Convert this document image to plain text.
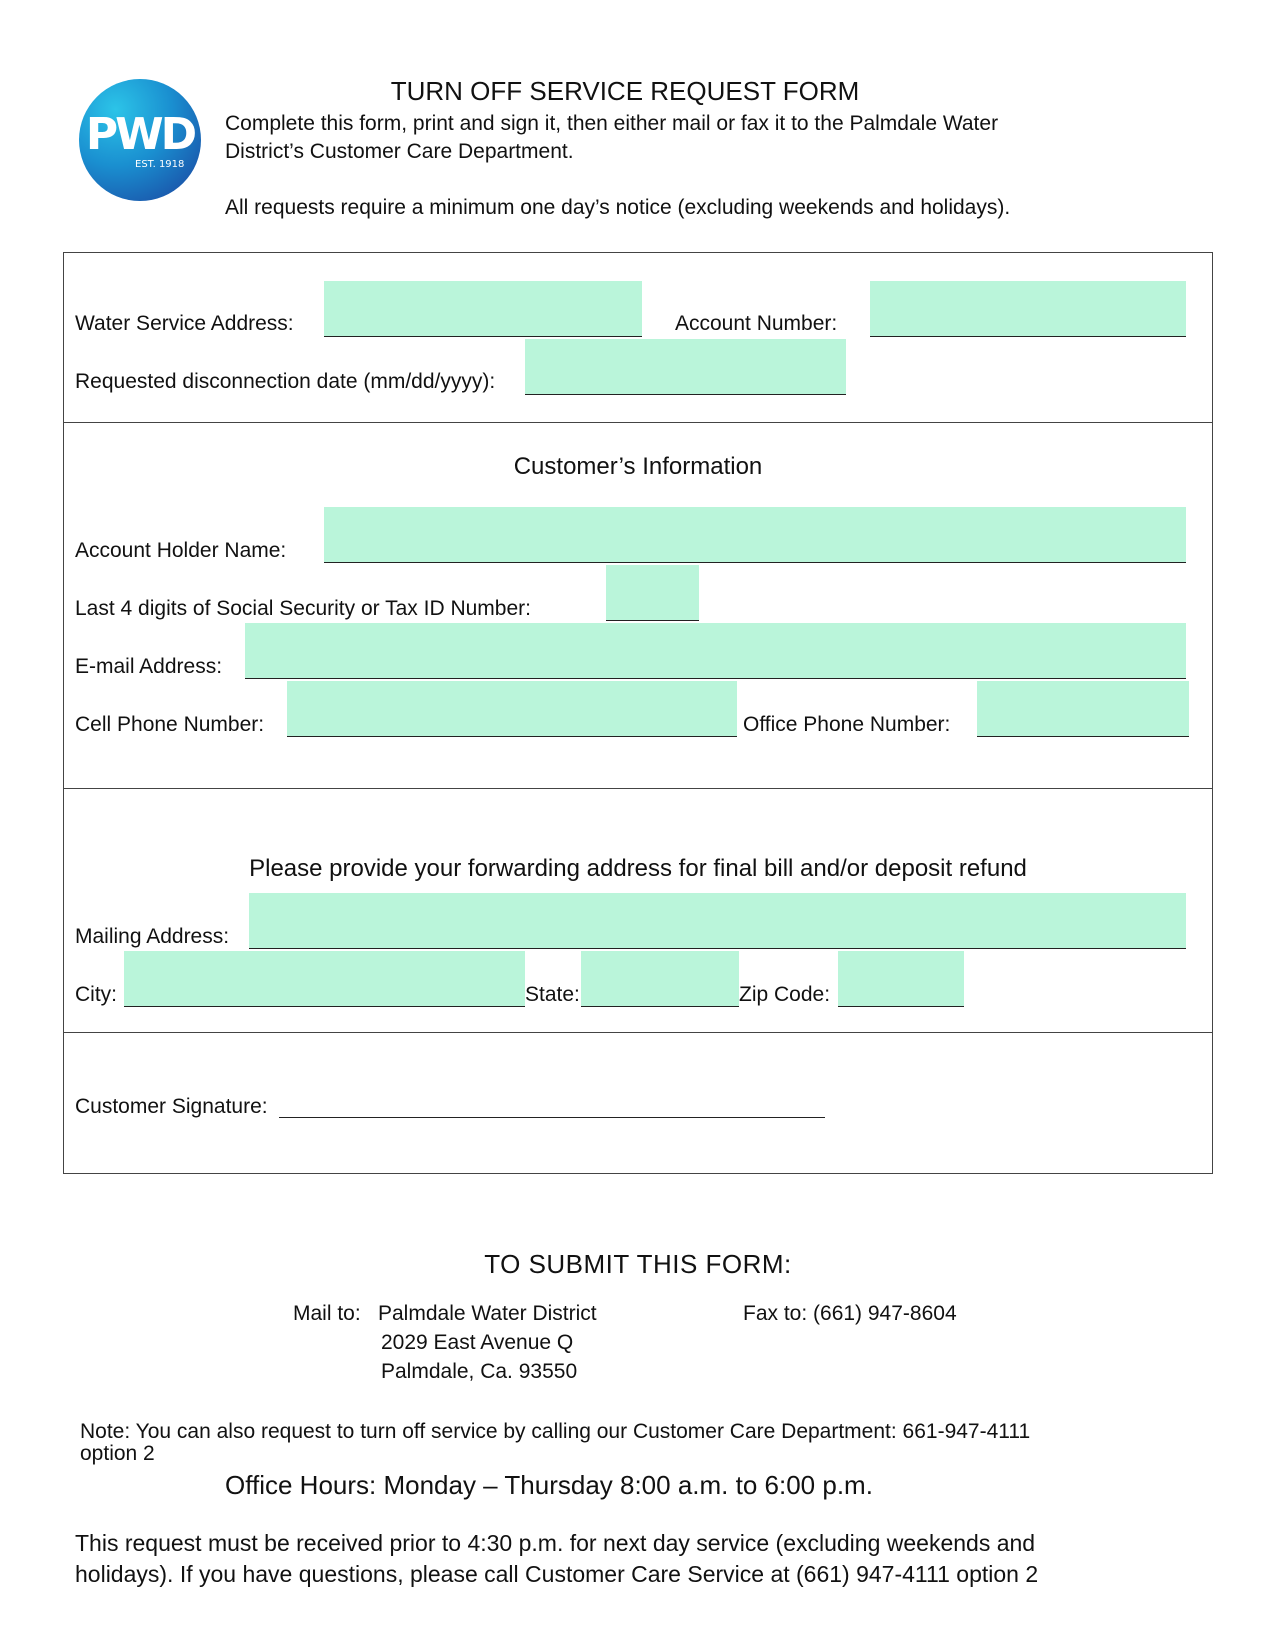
PWD
EST. 1918
TURN OFF SERVICE REQUEST FORM
Complete this form, print and sign it, then either mail or fax it to the Palmdale Water
District’s Customer Care Department.
All requests require a minimum one day’s notice (excluding weekends and holidays).
Water Service Address:	Account Number:
Requested disconnection date (mm/dd/yyyy):
Customer’s Information
Account Holder Name:
Last 4 digits of Social Security or Tax ID Number:
E-mail Address:
Cell Phone Number:	Office Phone Number:
Please provide your forwarding address for final bill and/or deposit refund
Mailing Address:
City:	State:	Zip Code:
Customer Signature:
TO SUBMIT THIS FORM:
Mail to: Palmdale Water District
2029 East Avenue Q
Palmdale, Ca. 93550
Fax to: (661) 947-8604
Note: You can also request to turn off service by calling our Customer Care Department: 661-947-4111
option 2
Office Hours: Monday – Thursday 8:00 a.m. to 6:00 p.m.
This request must be received prior to 4:30 p.m. for next day service (excluding weekends and
holidays). If you have questions, please call Customer Care Service at (661) 947-4111 option 2
